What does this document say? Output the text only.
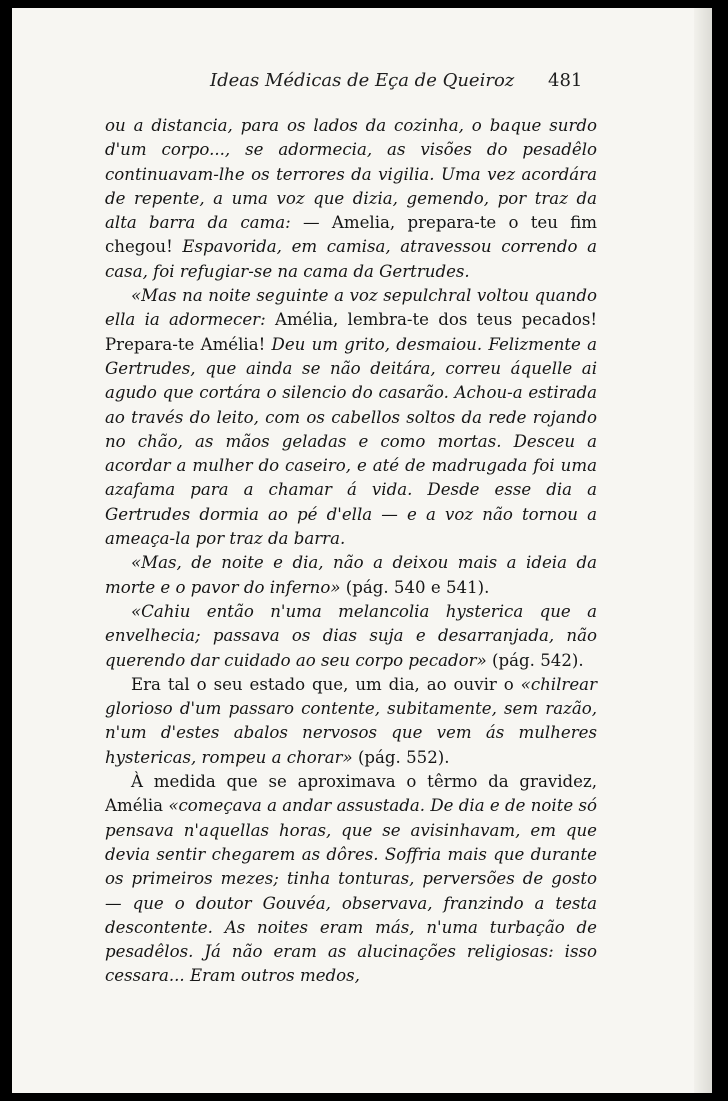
Ideas Médicas de Eça de Queiroz 481

ou a distancia, para os lados da cozinha, o baque surdo d'um corpo..., se adormecia, as visões do pesadêlo continuavam-lhe os terrores da vigilia. Uma vez acordára de repente, a uma voz que dizia, gemendo, por traz da alta barra da cama: — Amelia, prepara-te o teu fim chegou! Espavorida, em camisa, atravessou correndo a casa, foi refugiar-se na cama da Gertrudes.

«Mas na noite seguinte a voz sepulchral voltou quando ella ia adormecer: Amélia, lembra-te dos teus pecados! Prepara-te Amélia! Deu um grito, desmaiou. Felizmente a Gertrudes, que ainda se não deitára, correu áquelle ai agudo que cortára o silencio do casarão. Achou-a estirada ao través do leito, com os cabellos soltos da rede rojando no chão, as mãos geladas e como mortas. Desceu a acordar a mulher do caseiro, e até de madrugada foi uma azafama para a chamar á vida. Desde esse dia a Gertrudes dormia ao pé d'ella — e a voz não tornou a ameaça-la por traz da barra.

«Mas, de noite e dia, não a deixou mais a ideia da morte e o pavor do inferno» (pág. 540 e 541).

«Cahiu então n'uma melancolia hysterica que a envelhecia; passava os dias suja e desarranjada, não querendo dar cuidado ao seu corpo pecador» (pág. 542).

Era tal o seu estado que, um dia, ao ouvir o «chilrear glorioso d'um passaro contente, subitamente, sem razão, n'um d'estes abalos nervosos que vem ás mulheres hystericas, rompeu a chorar» (pág. 552).

À medida que se aproximava o têrmo da gravidez, Amélia «começava a andar assustada. De dia e de noite só pensava n'aquellas horas, que se avisinhavam, em que devia sentir chegarem as dôres. Soffria mais que durante os primeiros mezes; tinha tonturas, perversões de gosto — que o doutor Gouvéa, observava, franzindo a testa descontente. As noites eram más, n'uma turbação de pesadêlos. Já não eram as alucinações religiosas: isso cessara... Eram outros medos,
